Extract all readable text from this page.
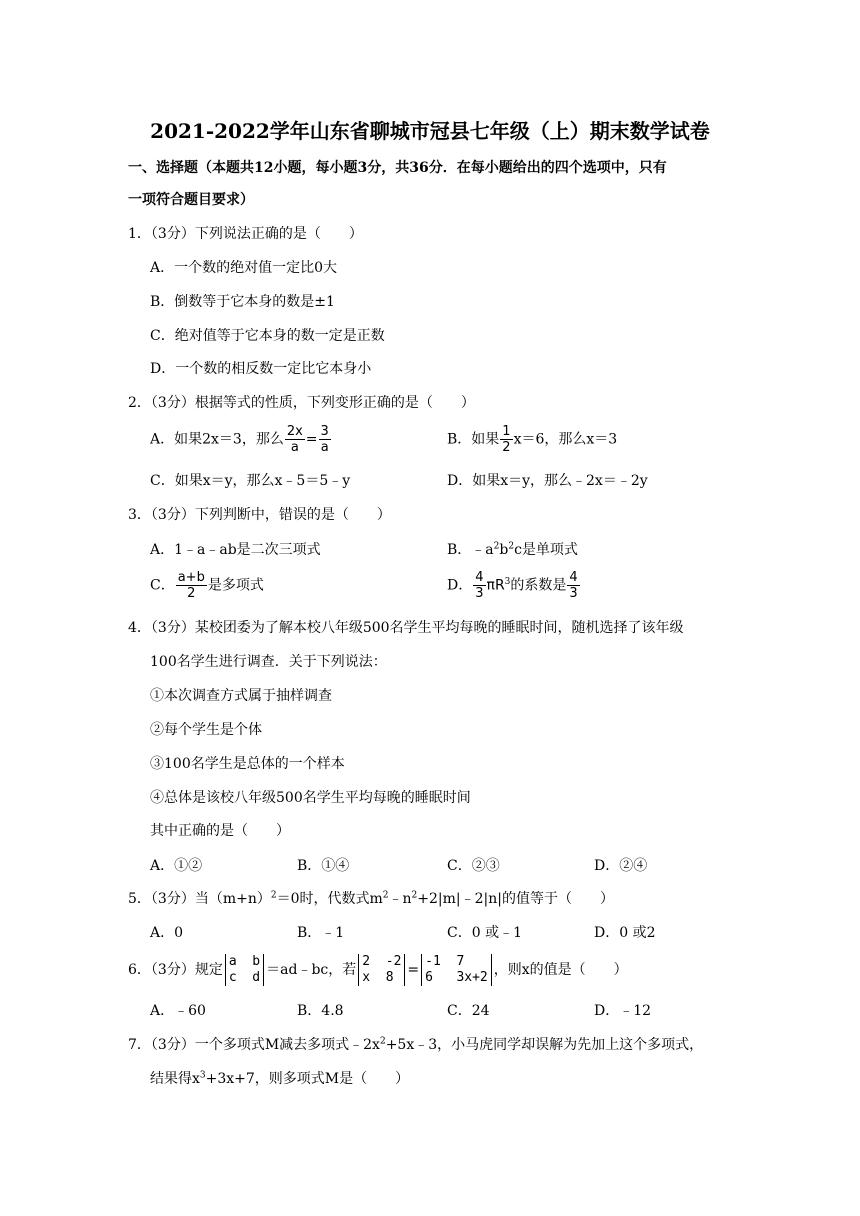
2021-2022学年山东省聊城市冠县七年级（上）期末数学试卷
一、选择题（本题共12小题，每小题3分，共36分．在每小题给出的四个选项中，只有
一项符合题目要求）
1．（3分）下列说法正确的是（　　）
A．一个数的绝对值一定比0大
B．倒数等于它本身的数是±1
C．绝对值等于它本身的数一定是正数
D．一个数的相反数一定比它本身小
2．（3分）根据等式的性质，下列变形正确的是（　　）
A．如果2x＝3，那么 $\frac{2x}{a} = \frac{3}{a}$	B．如果 $\frac{1}{2} x=6$，那么x＝3
C．如果x＝y，那么x﹣5＝5﹣y	D．如果x＝y，那么﹣2x＝﹣2y
3．（3分）下列判断中，错误的是（　　）
A．1﹣a﹣ab是二次三项式	B．$﹣a^2b^2c$是单项式
C． $\frac{a+b}{2}$ 是多项式	D． $\frac{4}{3} \pi R^3$的系数是 $\frac{4}{3}$
4．（3分）某校团委为了解本校八年级500名学生平均每晚的睡眠时间，随机选择了该年级
100名学生进行调查．关于下列说法：
①本次调查方式属于抽样调查
②每个学生是个体
③100名学生是总体的一个样本
④总体是该校八年级500名学生平均每晚的睡眠时间
其中正确的是（　　）
A．①②	B．①④	C．②③	D．②④
5．（3分）当$(m+n)^2=0$时，代数式$m^2﹣n^2+2|m|﹣2|n|$的值等于（　　）
A．0	B．﹣1	C．0 或﹣1	D．0 或2
6．（3分）规定
a  b
c  d ＝ad﹣bc，若
2  -2
x  8 =
-1  7
6   3x+2 ，则x的值是（　　）
A．﹣60	B．4.8	C．24	D．﹣12
7．（3分）一个多项式M减去多项式$﹣2x^2+5x﹣3$，小马虎同学却误解为先加上这个多项式，
结果得$x^3+3x+7$，则多项式M是（　　）
